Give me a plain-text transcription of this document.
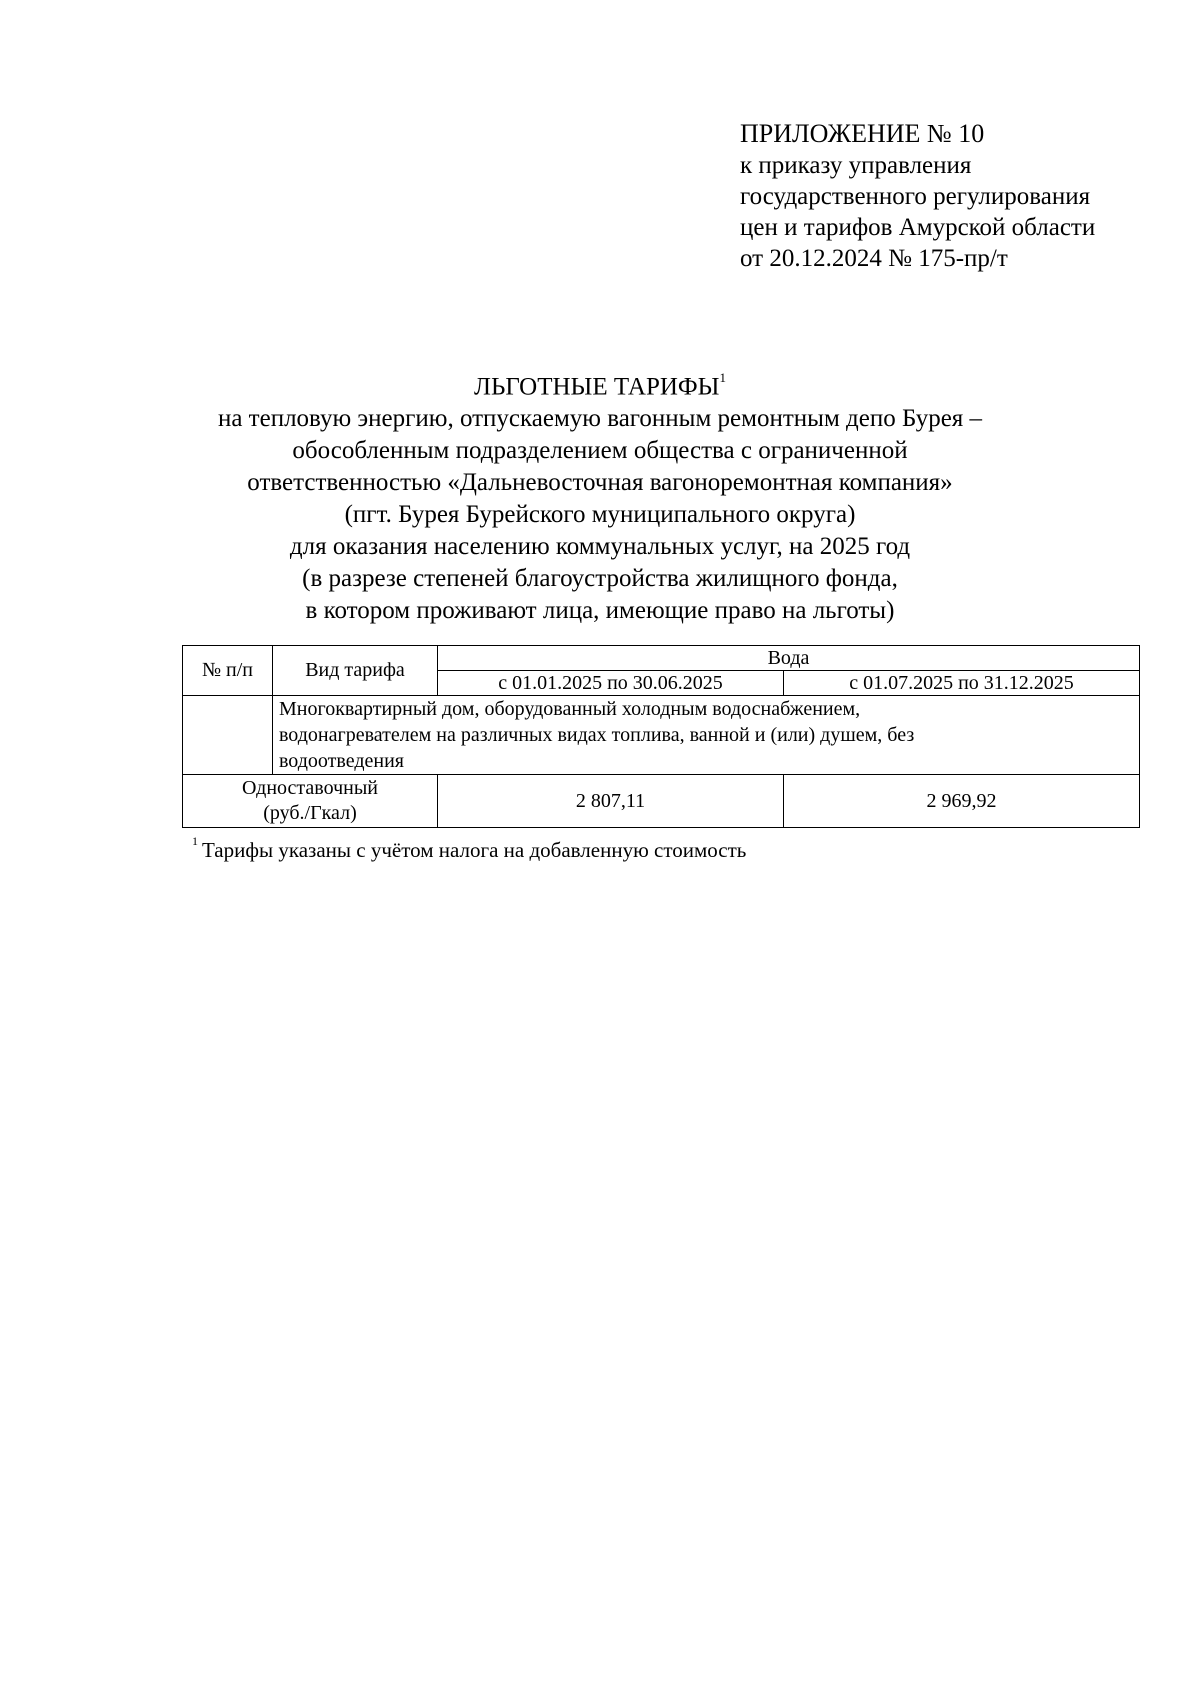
ПРИЛОЖЕНИЕ № 10
к приказу управления
государственного регулирования
цен и тарифов Амурской области
от 20.12.2024 № 175-пр/т
ЛЬГОТНЫЕ ТАРИФЫ$^1$
на тепловую энергию, отпускаемую вагонным ремонтным депо Бурея –
обособленным подразделением общества с ограниченной
ответственностью «Дальневосточная вагоноремонтная компания»
(пгт. Бурея Бурейского муниципального округа)
для оказания населению коммунальных услуг, на 2025 год
(в разрезе степеней благоустройства жилищного фонда,
в котором проживают лица, имеющие право на льготы)
№ п/п	Вид тарифа	Вода	
		с 01.01.2025 по 30.06.2025	с 01.07.2025 по 31.12.2025
	Многоквартирный дом, оборудованный холодным водоснабжением,
водонагревателем на различных видах топлива, ванной и (или) душем, без
водоотведения		
Одноставочный
(руб./Гкал)		2 807,11	2 969,92
$^1$ Тарифы указаны с учётом налога на добавленную стоимость
